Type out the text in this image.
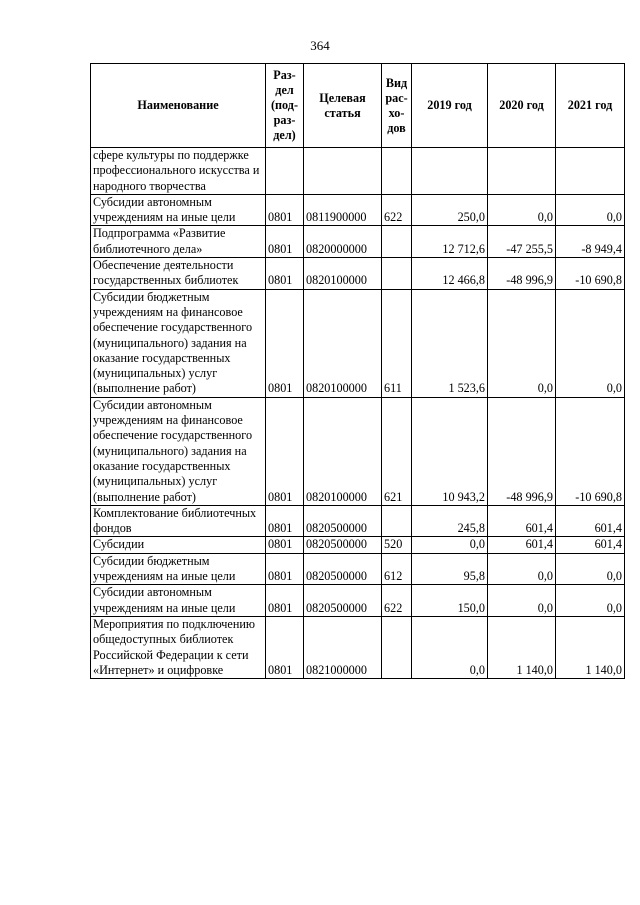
364
Наименование	Раз-дел (под-раз-дел)	Целевая статья	Вид рас-хо-дов	2019 год	2020 год	2021 год
сфере культуры по поддержке профессионального искусства и народного творчества						
Субсидии автономным учреждениям на иные цели	0801	0811900000	622	250,0	0,0	0,0
Подпрограмма «Развитие библиотечного дела»	0801	0820000000		12 712,6	-47 255,5	-8 949,4
Обеспечение деятельности государственных библиотек	0801	0820100000		12 466,8	-48 996,9	-10 690,8
Субсидии бюджетным учреждениям на финансовое обеспечение государственного (муниципального) задания на оказание государственных (муниципальных) услуг (выполнение работ)	0801	0820100000	611	1 523,6	0,0	0,0
Субсидии автономным учреждениям на финансовое обеспечение государственного (муниципального) задания на оказание государственных (муниципальных) услуг (выполнение работ)	0801	0820100000	621	10 943,2	-48 996,9	-10 690,8
Комплектование библиотечных фондов	0801	0820500000		245,8	601,4	601,4
Субсидии	0801	0820500000	520	0,0	601,4	601,4
Субсидии бюджетным учреждениям на иные цели	0801	0820500000	612	95,8	0,0	0,0
Субсидии автономным учреждениям на иные цели	0801	0820500000	622	150,0	0,0	0,0
Мероприятия по подключению общедоступных библиотек Российской Федерации к сети «Интернет» и оцифровке	0801	0821000000		0,0	1 140,0	1 140,0
